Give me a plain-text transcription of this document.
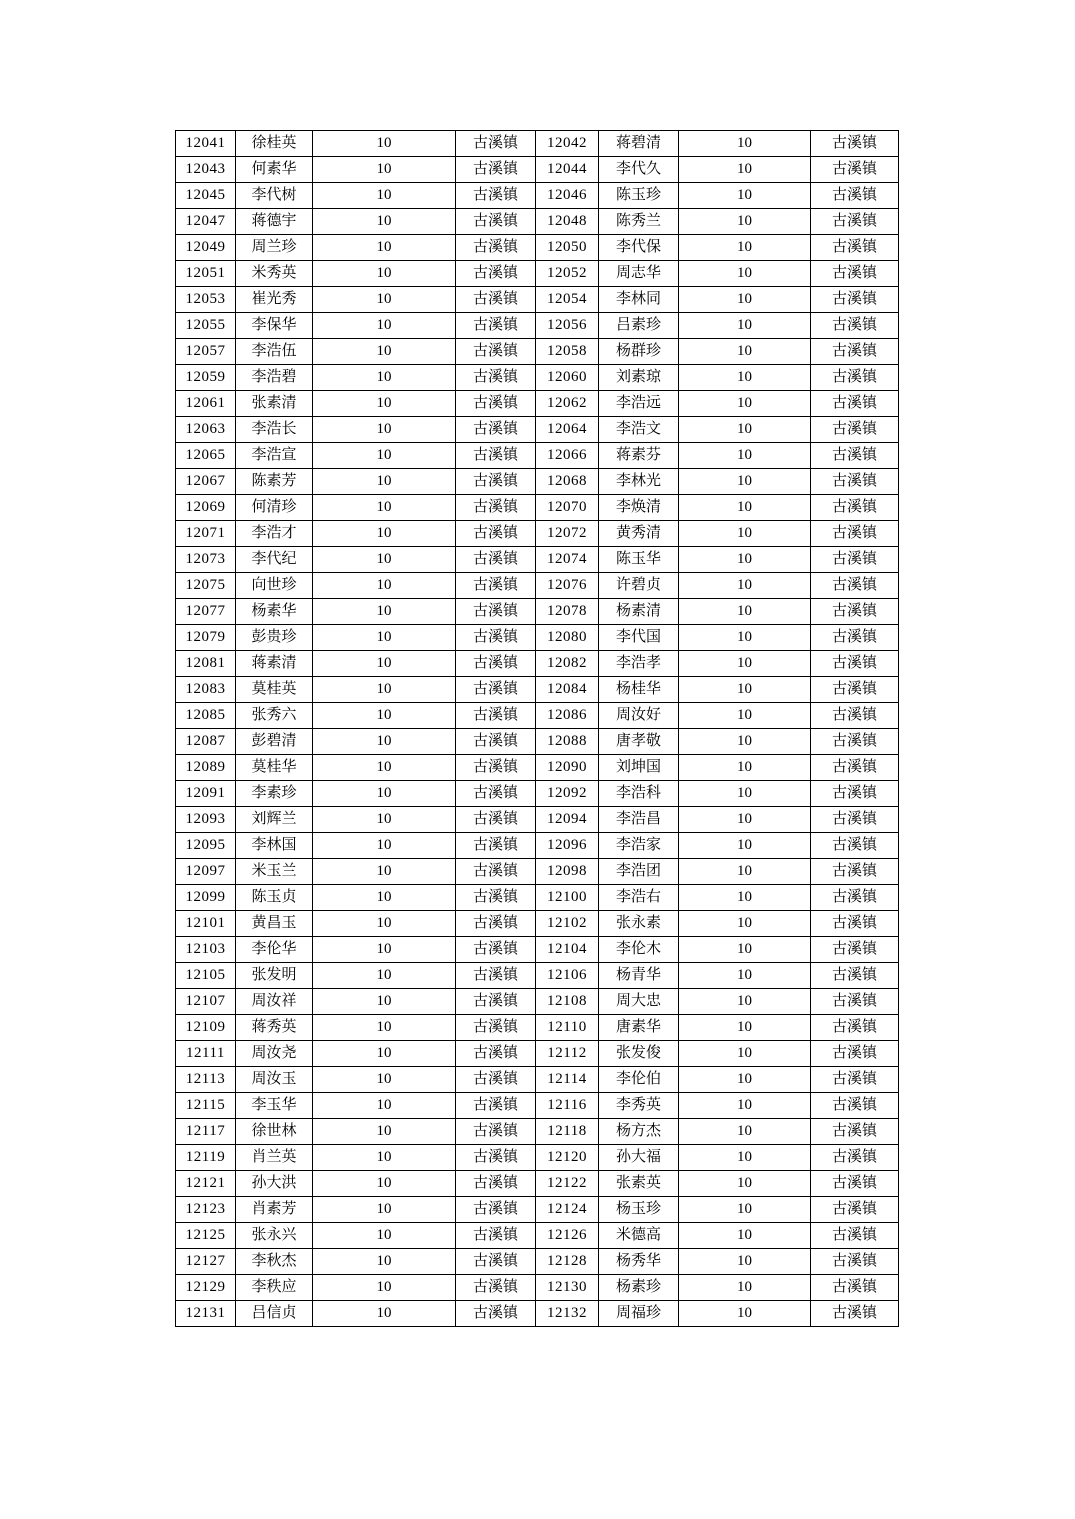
12041	徐桂英	10	古溪镇	12042	蒋碧清	10	古溪镇
12043	何素华	10	古溪镇	12044	李代久	10	古溪镇
12045	李代树	10	古溪镇	12046	陈玉珍	10	古溪镇
12047	蒋德宇	10	古溪镇	12048	陈秀兰	10	古溪镇
12049	周兰珍	10	古溪镇	12050	李代保	10	古溪镇
12051	米秀英	10	古溪镇	12052	周志华	10	古溪镇
12053	崔光秀	10	古溪镇	12054	李林同	10	古溪镇
12055	李保华	10	古溪镇	12056	吕素珍	10	古溪镇
12057	李浩伍	10	古溪镇	12058	杨群珍	10	古溪镇
12059	李浩碧	10	古溪镇	12060	刘素琼	10	古溪镇
12061	张素清	10	古溪镇	12062	李浩远	10	古溪镇
12063	李浩长	10	古溪镇	12064	李浩文	10	古溪镇
12065	李浩宣	10	古溪镇	12066	蒋素芬	10	古溪镇
12067	陈素芳	10	古溪镇	12068	李林光	10	古溪镇
12069	何清珍	10	古溪镇	12070	李焕清	10	古溪镇
12071	李浩才	10	古溪镇	12072	黄秀清	10	古溪镇
12073	李代纪	10	古溪镇	12074	陈玉华	10	古溪镇
12075	向世珍	10	古溪镇	12076	许碧贞	10	古溪镇
12077	杨素华	10	古溪镇	12078	杨素清	10	古溪镇
12079	彭贵珍	10	古溪镇	12080	李代国	10	古溪镇
12081	蒋素清	10	古溪镇	12082	李浩孝	10	古溪镇
12083	莫桂英	10	古溪镇	12084	杨桂华	10	古溪镇
12085	张秀六	10	古溪镇	12086	周汝好	10	古溪镇
12087	彭碧清	10	古溪镇	12088	唐孝敬	10	古溪镇
12089	莫桂华	10	古溪镇	12090	刘坤国	10	古溪镇
12091	李素珍	10	古溪镇	12092	李浩科	10	古溪镇
12093	刘辉兰	10	古溪镇	12094	李浩昌	10	古溪镇
12095	李林国	10	古溪镇	12096	李浩家	10	古溪镇
12097	米玉兰	10	古溪镇	12098	李浩团	10	古溪镇
12099	陈玉贞	10	古溪镇	12100	李浩右	10	古溪镇
12101	黄昌玉	10	古溪镇	12102	张永素	10	古溪镇
12103	李伦华	10	古溪镇	12104	李伦木	10	古溪镇
12105	张发明	10	古溪镇	12106	杨青华	10	古溪镇
12107	周汝祥	10	古溪镇	12108	周大忠	10	古溪镇
12109	蒋秀英	10	古溪镇	12110	唐素华	10	古溪镇
12111	周汝尧	10	古溪镇	12112	张发俊	10	古溪镇
12113	周汝玉	10	古溪镇	12114	李伦伯	10	古溪镇
12115	李玉华	10	古溪镇	12116	李秀英	10	古溪镇
12117	徐世林	10	古溪镇	12118	杨方杰	10	古溪镇
12119	肖兰英	10	古溪镇	12120	孙大福	10	古溪镇
12121	孙大洪	10	古溪镇	12122	张素英	10	古溪镇
12123	肖素芳	10	古溪镇	12124	杨玉珍	10	古溪镇
12125	张永兴	10	古溪镇	12126	米德高	10	古溪镇
12127	李秋杰	10	古溪镇	12128	杨秀华	10	古溪镇
12129	李秩应	10	古溪镇	12130	杨素珍	10	古溪镇
12131	吕信贞	10	古溪镇	12132	周福珍	10	古溪镇
